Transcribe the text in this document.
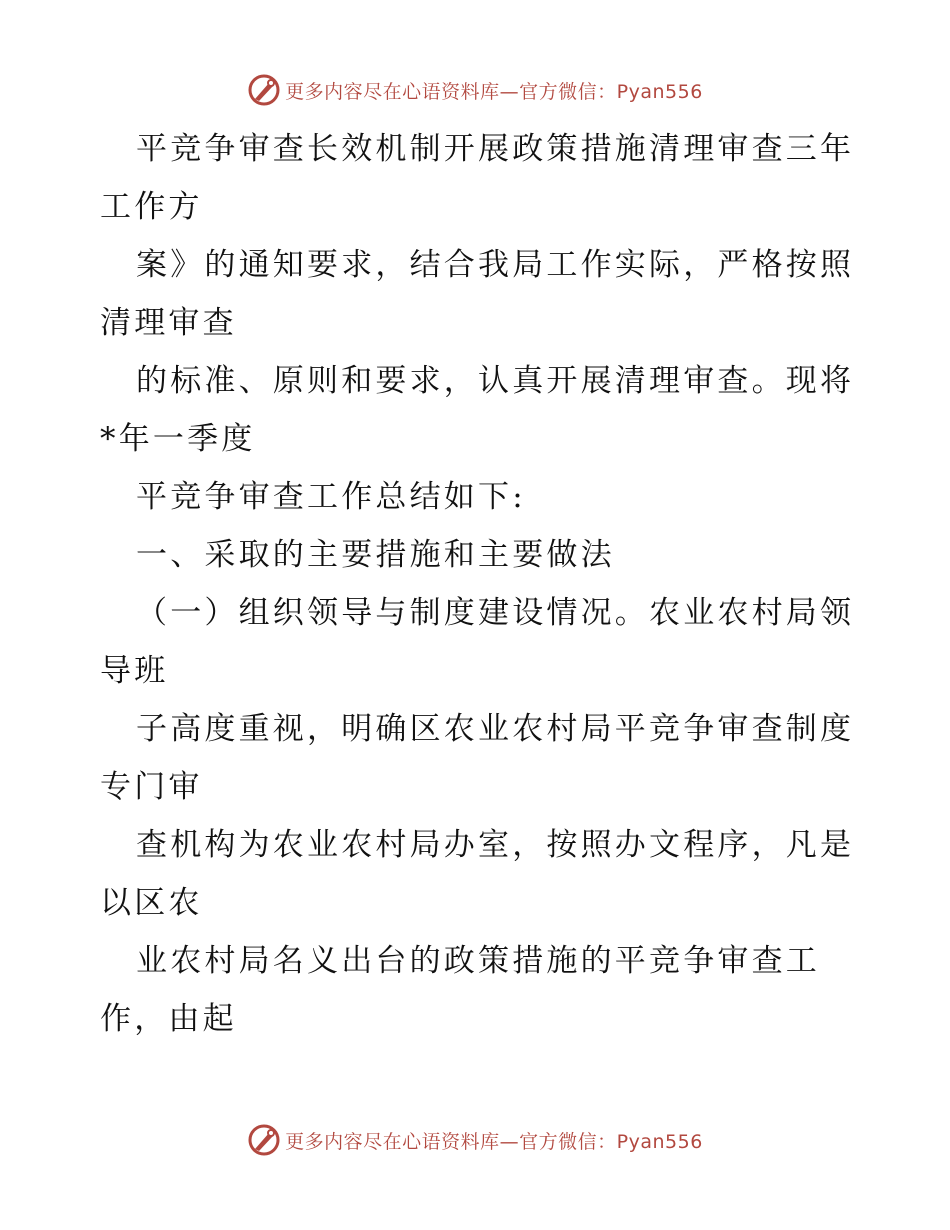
更多内容尽在心语资料库—官方微信：Pyan556
平竞争审查长效机制开展政策措施清理审查三年
工作方
案》的通知要求，结合我局工作实际，严格按照
清理审查
的标准、原则和要求，认真开展清理审查。现将
*年一季度
平竞争审查工作总结如下:
一、采取的主要措施和主要做法
（一）组织领导与制度建设情况。农业农村局领
导班
子高度重视，明确区农业农村局平竞争审查制度
专门审
查机构为农业农村局办室，按照办文程序，凡是
以区农
业农村局名义出台的政策措施的平竞争审查工
作，由起
更多内容尽在心语资料库—官方微信：Pyan556
